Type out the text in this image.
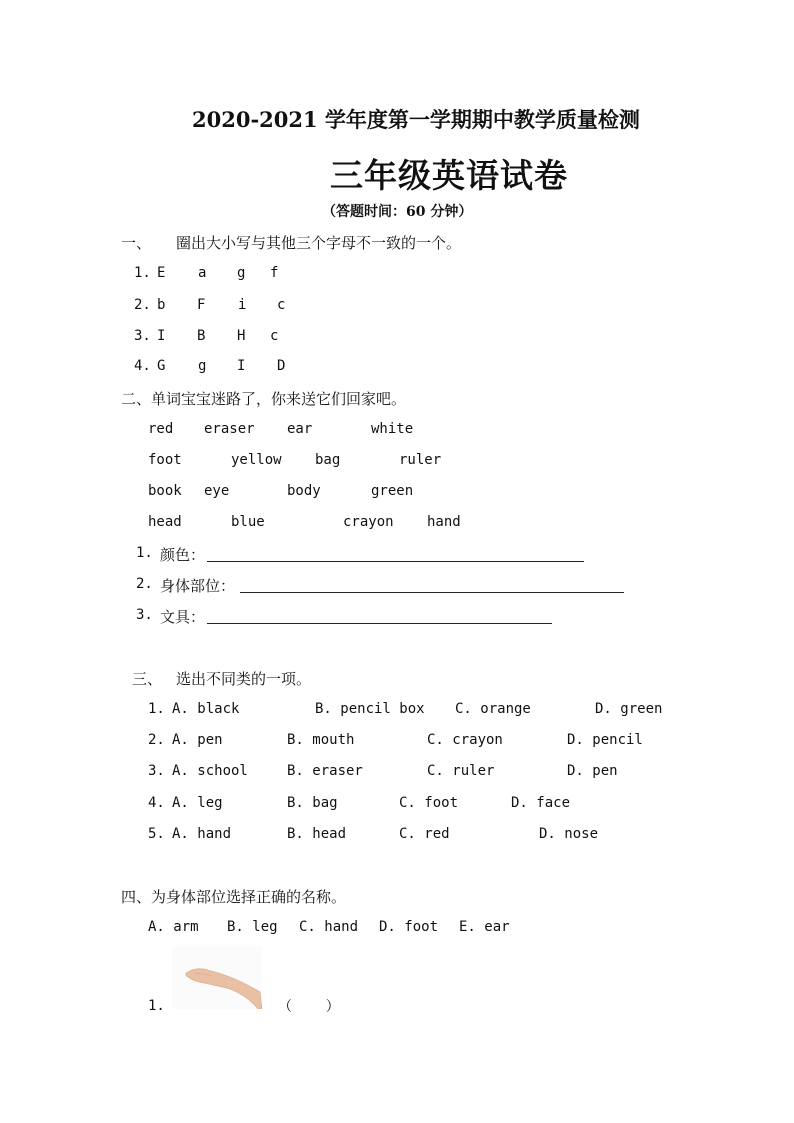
2020-2021 学年度第一学期期中教学质量检测
三年级英语试卷
（答题时间：60 分钟）
一、 圈出大小写与其他三个字母不一致的一个。
1. E a g f
2. b F i c
3. I B H c
4. G g I D
二、单词宝宝迷路了，你来送它们回家吧。
red eraser ear	white
foot	yellow bag	ruler
book eye	body	green
head	blue	crayon hand
1. 颜色：
2. 身体部位：
3. 文具：
三、 选出不同类的一项。
1. A. black	B. pencil box C. orange	D. green
2. A. pen	B. mouth	C. crayon	D. pencil
3. A. school	B. eraser	C. ruler	D. pen
4. A. leg	B. bag	C. foot	D. face
5. A. hand	B. head	C. red	D. nose
四、为身体部位选择正确的名称。
A. arm B. leg C. hand D. foot E. ear
1.	（    ）
